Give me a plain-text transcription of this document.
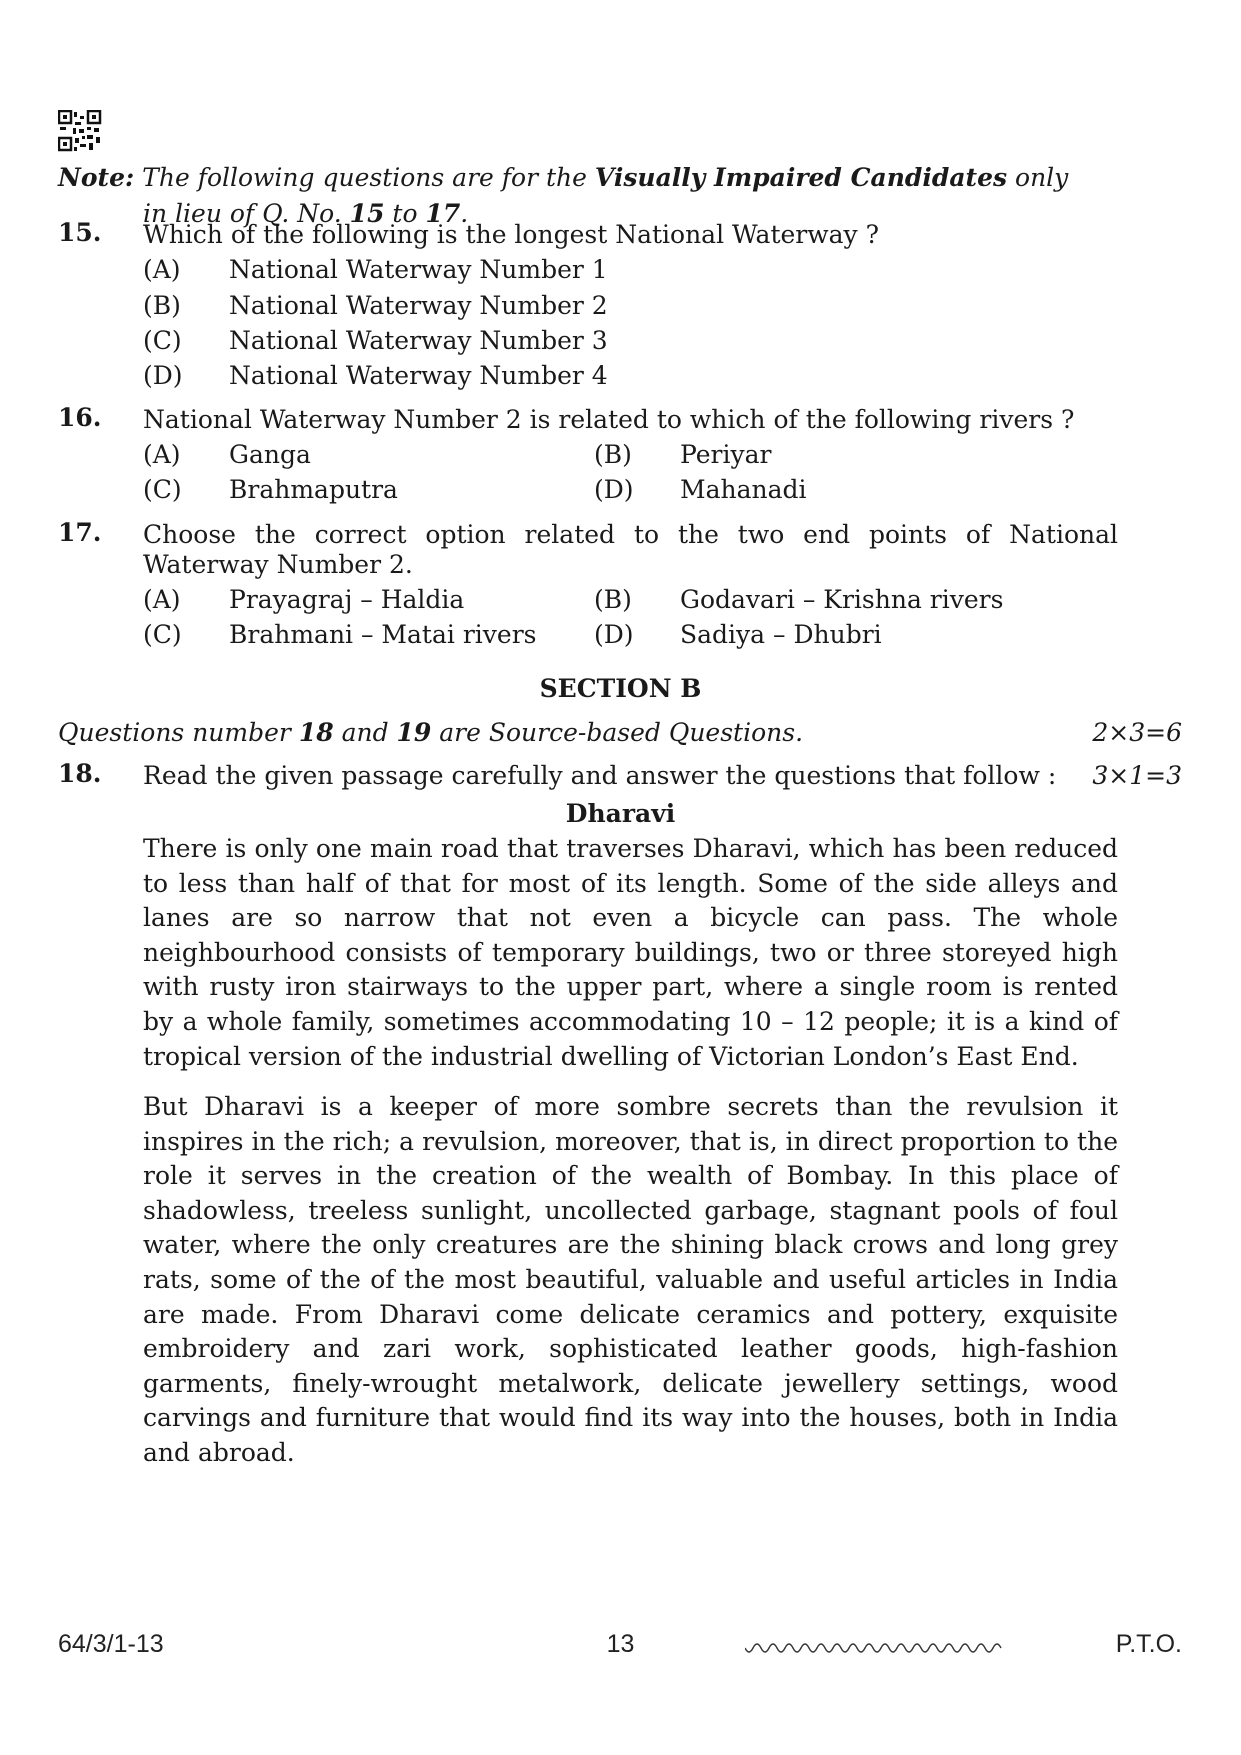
Note: The following questions are for the Visually Impaired Candidates only
in lieu of Q. No. 15 to 17.
15. Which of the following is the longest National Waterway ?
(A) National Waterway Number 1
(B) National Waterway Number 2
(C) National Waterway Number 3
(D) National Waterway Number 4
16. National Waterway Number 2 is related to which of the following rivers ?
(A) Ganga	(B) Periyar
(C) Brahmaputra	(D) Mahanadi
17. Choose the correct option related to the two end points of National
Waterway Number 2.
(A) Prayagraj – Haldia	(B) Godavari – Krishna rivers
(C) Brahmani – Matai rivers (D) Sadiya – Dhubri
SECTION B
Questions number 18 and 19 are Source-based Questions.	2×3=6
18. Read the given passage carefully and answer the questions that follow : 3×1=3
Dharavi

There is only one main road that traverses Dharavi, which has been reduced to less than half of that for most of its length. Some of the side alleys and lanes are so narrow that not even a bicycle can pass. The whole neighbourhood consists of temporary buildings, two or three storeyed high with rusty iron stairways to the upper part, where a single room is rented by a whole family, sometimes accommodating 10 – 12 people; it is a kind of tropical version of the industrial dwelling of Victorian London’s East End.

But Dharavi is a keeper of more sombre secrets than the revulsion it inspires in the rich; a revulsion, moreover, that is, in direct proportion to the role it serves in the creation of the wealth of Bombay. In this place of shadowless, treeless sunlight, uncollected garbage, stagnant pools of foul water, where the only creatures are the shining black crows and long grey rats, some of the of the most beautiful, valuable and useful articles in India are made. From Dharavi come delicate ceramics and pottery, exquisite embroidery and zari work, sophisticated leather goods, high-fashion garments, finely-wrought metalwork, delicate jewellery settings, wood carvings and furniture that would find its way into the houses, both in India and abroad.

64/3/1-13	13	P.T.O.
